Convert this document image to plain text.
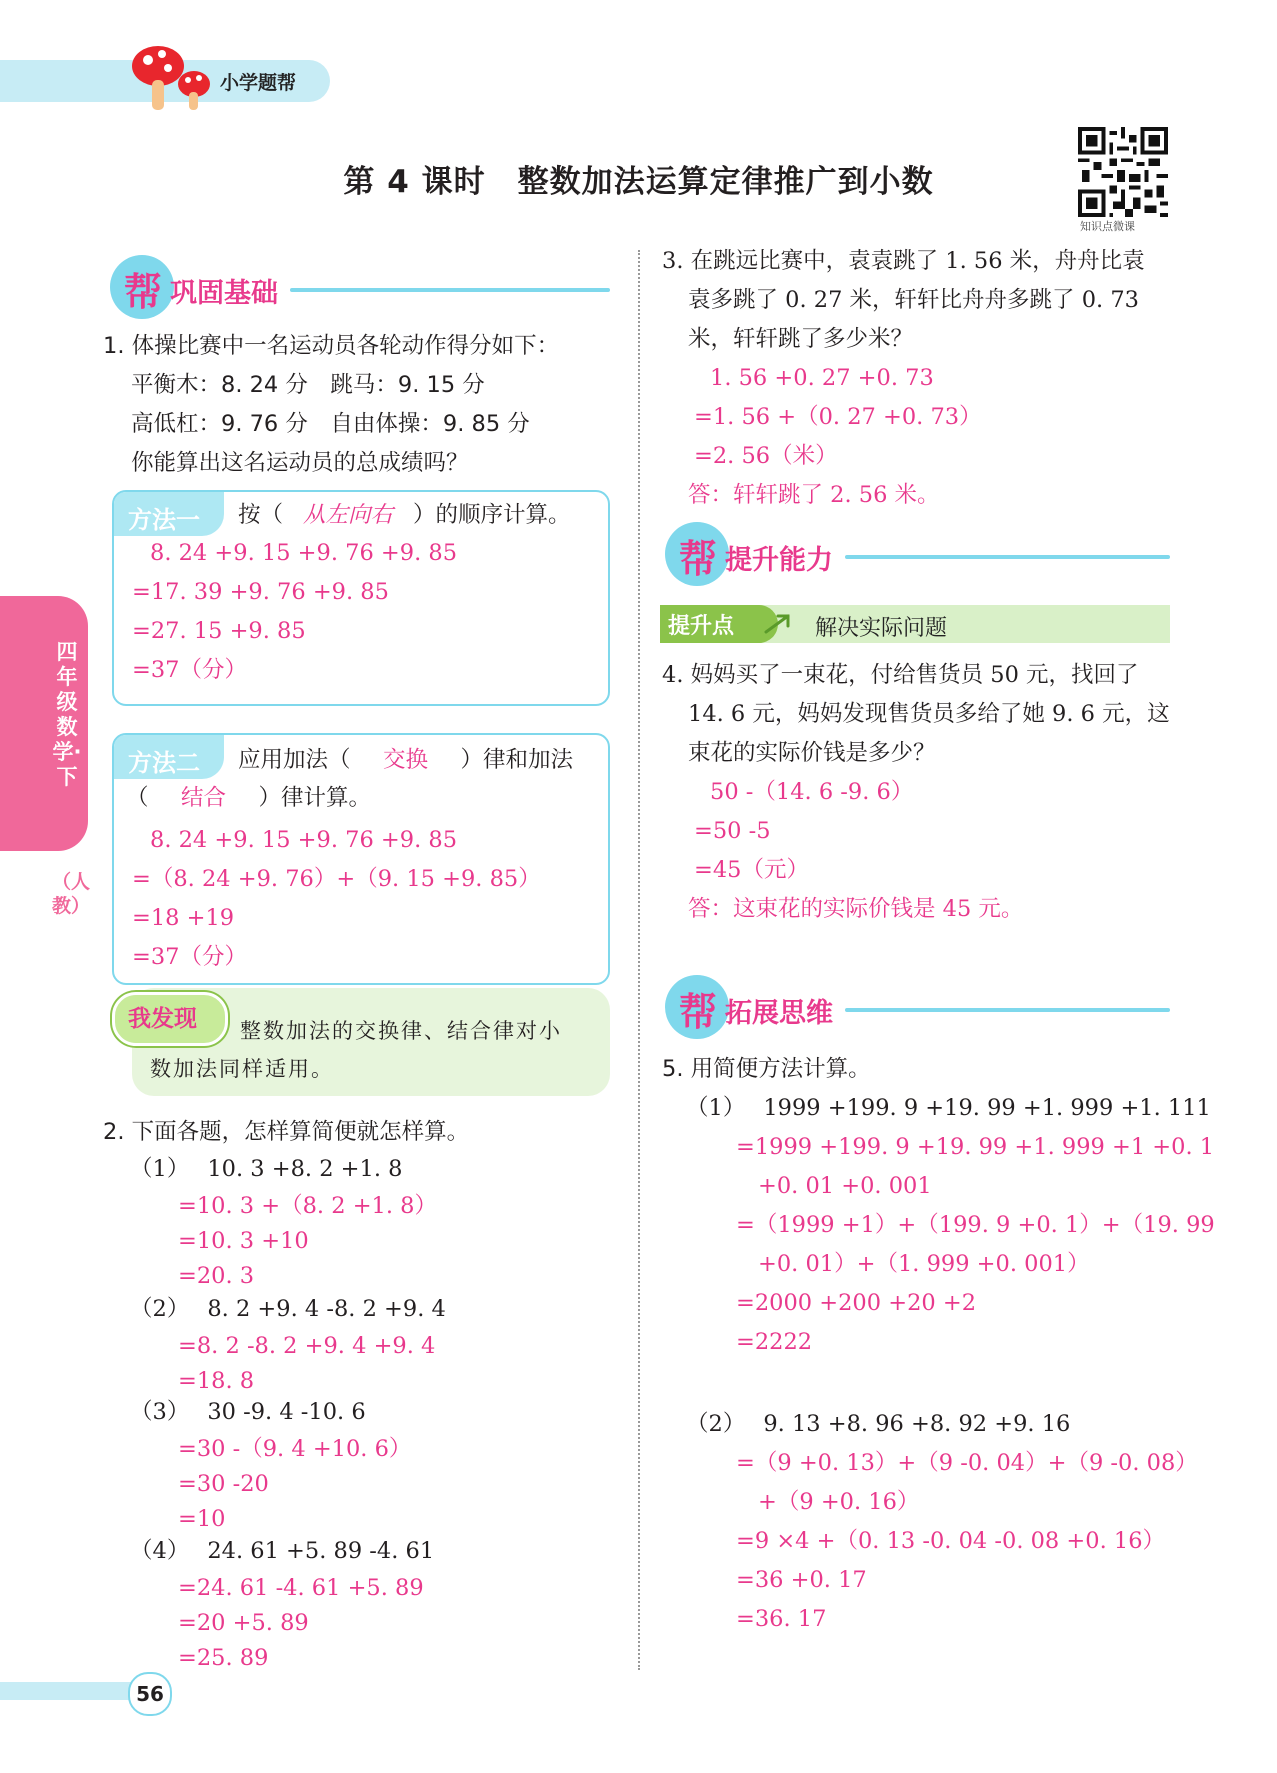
小学题帮
第 4 课时　整数加法运算定律推广到小数
知识点微课
四年级数学·下
（人教）
帮 巩固基础
1. 体操比赛中一名运动员各轮动作得分如下：
平衡木：8. 24 分　跳马：9. 15 分
高低杠：9. 76 分　自由体操：9. 85 分
你能算出这名运动员的总成绩吗？
方法一 按（ 从左向右 ）的顺序计算。
8. 24 +9. 15 +9. 76 +9. 85
=17. 39 +9. 76 +9. 85
=27. 15 +9. 85
=37（分）
方法二 应用加法（ 交换 ）律和加法
（ 结合 ）律计算。
8. 24 +9. 15 +9. 76 +9. 85
=（8. 24 +9. 76）+（9. 15 +9. 85）
=18 +19
=37（分）
我发现 整数加法的交换律、结合律对小
数加法同样适用。
2. 下面各题，怎样算简便就怎样算。
（1） 10. 3 +8. 2 +1. 8
=10. 3 +（8. 2 +1. 8）
=10. 3 +10
=20. 3
（2） 8. 2 +9. 4 -8. 2 +9. 4
=8. 2 -8. 2 +9. 4 +9. 4
=18. 8
（3） 30 -9. 4 -10. 6
=30 -（9. 4 +10. 6）
=30 -20
=10
（4） 24. 61 +5. 89 -4. 61
=24. 61 -4. 61 +5. 89
=20 +5. 89
=25. 89
3. 在跳远比赛中，袁袁跳了 1. 56 米，舟舟比袁
袁多跳了 0. 27 米，轩轩比舟舟多跳了 0. 73
米，轩轩跳了多少米？
1. 56 +0. 27 +0. 73
=1. 56 +（0. 27 +0. 73）
=2. 56（米）
答：轩轩跳了 2. 56 米。
帮 提升能力
提升点	解决实际问题
4. 妈妈买了一束花，付给售货员 50 元，找回了
14. 6 元，妈妈发现售货员多给了她 9. 6 元，这
束花的实际价钱是多少？
50 -（14. 6 -9. 6）
=50 -5
=45（元）
答：这束花的实际价钱是 45 元。
帮 拓展思维
5. 用简便方法计算。
（1） 1999 +199. 9 +19. 99 +1. 999 +1. 111
=1999 +199. 9 +19. 99 +1. 999 +1 +0. 1
+0. 01 +0. 001
=（1999 +1）+（199. 9 +0. 1）+（19. 99
+0. 01）+（1. 999 +0. 001）
=2000 +200 +20 +2
=2222
（2） 9. 13 +8. 96 +8. 92 +9. 16
=（9 +0. 13）+（9 -0. 04）+（9 -0. 08）
+（9 +0. 16）
=9 ×4 +（0. 13 -0. 04 -0. 08 +0. 16）
=36 +0. 17
=36. 17
56
